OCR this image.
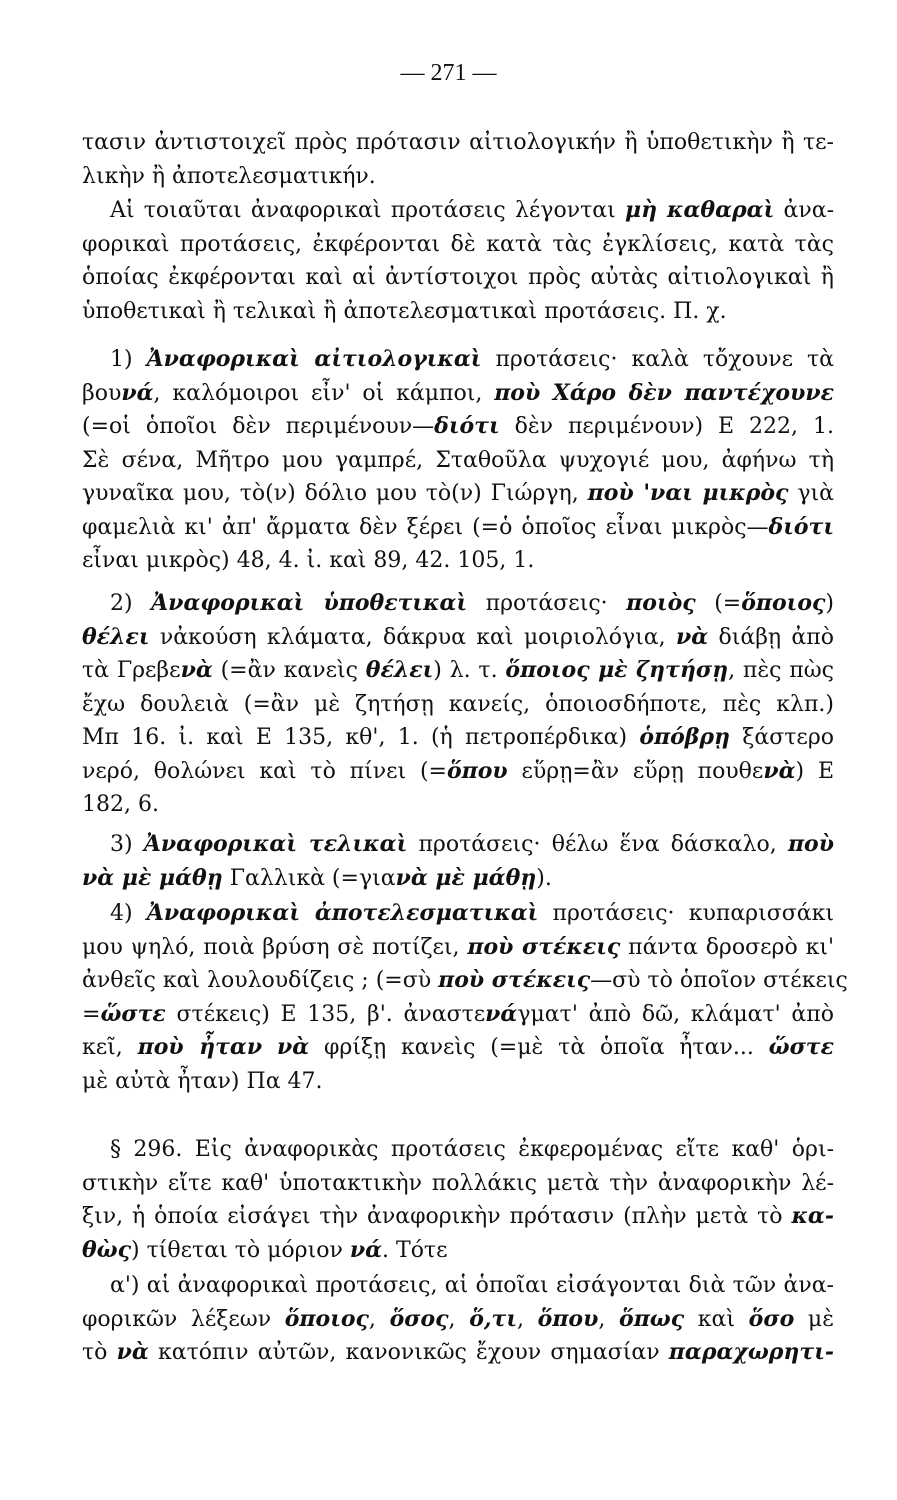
— 271 —
τασιν ἀντιστοιχεῖ πρὸς πρότασιν αἰτιολογικήν ἢ ὑποθετικὴν ἢ τε-
λικὴν ἢ ἀποτελεσματικήν.
Αἱ τοιαῦται ἀναφορικαὶ προτάσεις λέγονται μὴ καθαραὶ ἀνα-
φορικαὶ προτάσεις, ἐκφέρονται δὲ κατὰ τὰς ἐγκλίσεις, κατὰ τὰς
ὁποίας ἐκφέρονται καὶ αἱ ἀντίστοιχοι πρὸς αὐτὰς αἰτιολογικαὶ ἢ
ὑποθετικαὶ ἢ τελικαὶ ἢ ἀποτελεσματικαὶ προτάσεις. Π. χ.
1) Ἀναφορικαὶ αἰτιολογικαὶ προτάσεις· καλὰ τὄχουνε τὰ
βουνά, καλόμοιροι εἶν' οἱ κάμποι, ποὺ Χάρο δὲν παντέχουνε
(=οἱ ὁποῖοι δὲν περιμένουν—διότι δὲν περιμένουν) Ε 222, 1.
Σὲ σένα, Μῆτρο μου γαμπρέ, Σταθοῦλα ψυχογιέ μου, ἀφήνω τὴ
γυναῖκα μου, τὸ(ν) δόλιο μου τὸ(ν) Γιώργη, ποὺ 'ναι μικρὸς γιὰ
φαμελιὰ κι' ἀπ' ἄρματα δὲν ξέρει (=ὁ ὁποῖος εἶναι μικρὸς—διότι
εἶναι μικρὸς) 48, 4. ἰ. καὶ 89, 42. 105, 1.
2) Ἀναφορικαὶ ὑποθετικαὶ προτάσεις· ποιὸς (=ὅποιος)
θέλει νἀκούση κλάματα, δάκρυα καὶ μοιριολόγια, νὰ διάβῃ ἀπὸ
τὰ Γρεβενὰ (=ἂν κανεὶς θέλει) λ. τ. ὅποιος μὲ ζητήσῃ, πὲς πὼς
ἔχω δουλειὰ (=ἂν μὲ ζητήσῃ κανείς, ὁποιοσδήποτε, πὲς κλπ.)
Μπ 16. ἰ. καὶ Ε 135, κθ', 1. (ἡ πετροπέρδικα) ὁπόβρῃ ξάστερο
νερό, θολώνει καὶ τὸ πίνει (=ὅπου εὕρῃ=ἂν εὕρῃ πουθενὰ) Ε
182, 6.
3) Ἀναφορικαὶ τελικαὶ προτάσεις· θέλω ἕνα δάσκαλο, ποὺ
νὰ μὲ μάθῃ Γαλλικὰ (=γιανὰ μὲ μάθῃ).
4) Ἀναφορικαὶ ἀποτελεσματικαὶ προτάσεις· κυπαρισσάκι
μου ψηλό, ποιὰ βρύση σὲ ποτίζει, ποὺ στέκεις πάντα δροσερὸ κι'
ἀνθεῖς καὶ λουλουδίζεις ; (=σὺ ποὺ στέκεις—σὺ τὸ ὁποῖον στέκεις
=ὥστε στέκεις) Ε 135, β'. ἀναστενάγματ' ἀπὸ δῶ, κλάματ' ἀπὸ
κεῖ, ποὺ ἦταν νὰ φρίξῃ κανεὶς (=μὲ τὰ ὁποῖα ἦταν... ὥστε
μὲ αὐτὰ ἦταν) Πα 47.
§ 296. Εἰς ἀναφορικὰς προτάσεις ἐκφερομένας εἴτε καθ' ὁρι-
στικὴν εἴτε καθ' ὑποτακτικὴν πολλάκις μετὰ τὴν ἀναφορικὴν λέ-
ξιν, ἡ ὁποία εἰσάγει τὴν ἀναφορικὴν πρότασιν (πλὴν μετὰ τὸ κα-
θὼς) τίθεται τὸ μόριον νά. Τότε
α') αἱ ἀναφορικαὶ προτάσεις, αἱ ὁποῖαι εἰσάγονται διὰ τῶν ἀνα-
φορικῶν λέξεων ὅποιος, ὅσος, ὅ,τι, ὅπου, ὅπως καὶ ὅσο μὲ
τὸ νὰ κατόπιν αὐτῶν, κανονικῶς ἔχουν σημασίαν παραχωρητι-
